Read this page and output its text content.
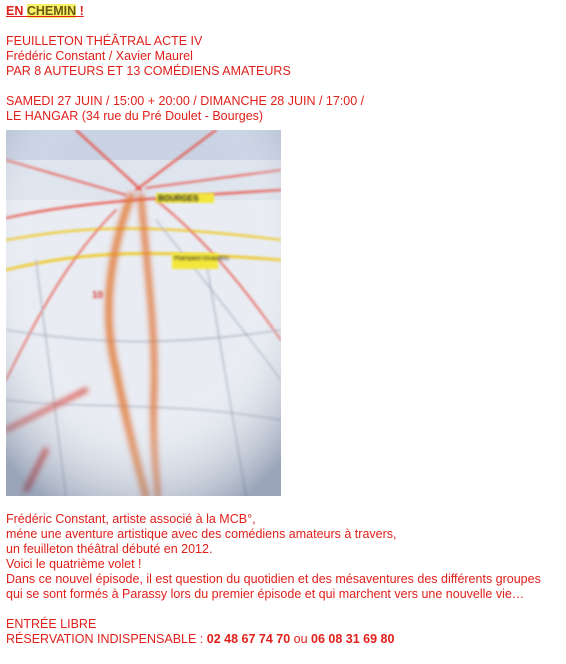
EN CHEMIN !

FEUILLETON THÉÂTRAL ACTE IV
Frédéric Constant / Xavier Maurel
PAR 8 AUTEURS ET 13 COMÉDIENS AMATEURS
SAMEDI 27 JUIN / 15:00 + 20:00 / DIMANCHE 28 JUIN / 17:00 /
LE HANGAR (34 rue du Pré Doulet - Bourges)
Frédéric Constant, artiste associé à la MCB°,
méne une aventure artistique avec des comédiens amateurs à travers,
un feuilleton théâtral débuté en 2012.
Voici le quatrième volet !
Dans ce nouvel épisode, il est question du quotidien et des mésaventures des différents groupes
qui se sont formés à Parassy lors du premier épisode et qui marchent vers une nouvelle vie…
ENTRÉE LIBRE
RÉSERVATION INDISPENSABLE : 02 48 67 74 70 ou 06 08 31 69 80
